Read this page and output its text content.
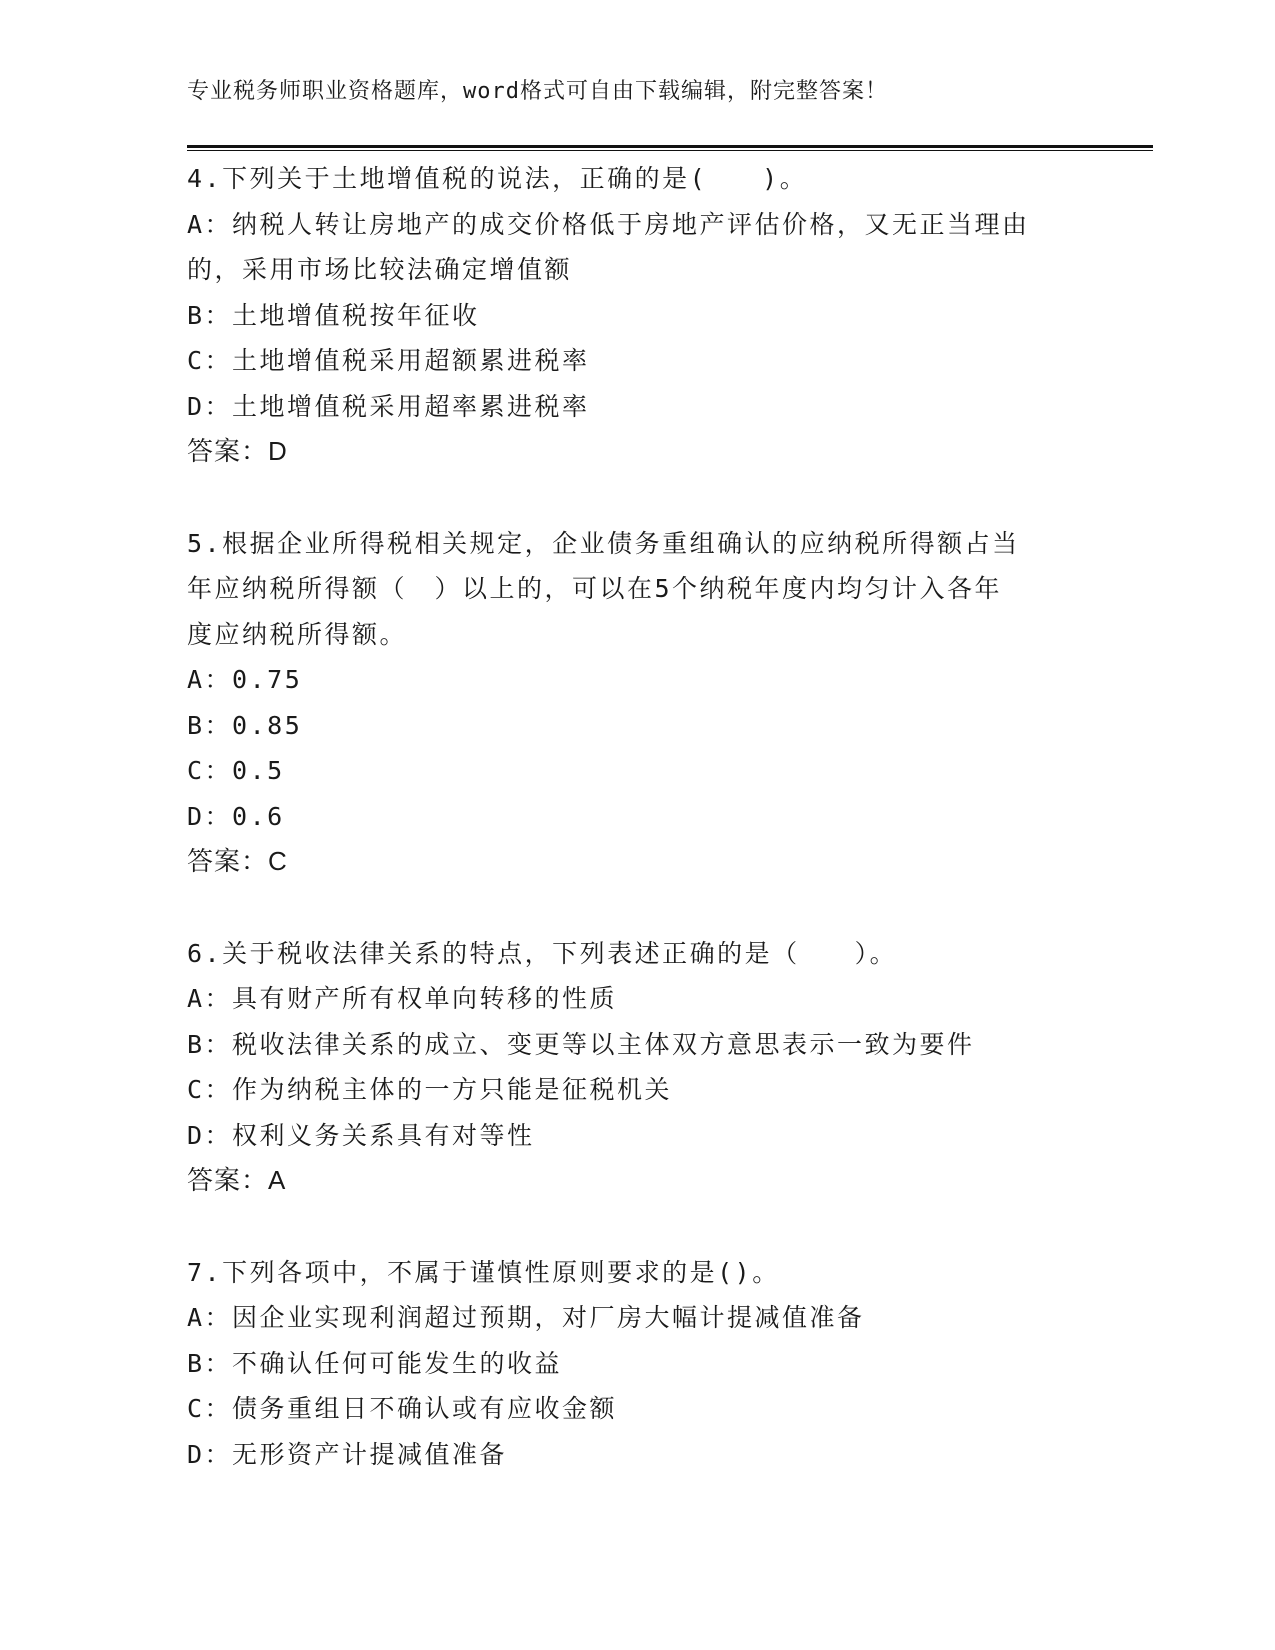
专业税务师职业资格题库，word格式可自由下载编辑，附完整答案！
4.下列关于土地增值税的说法，正确的是(　　)。
A：纳税人转让房地产的成交价格低于房地产评估价格，又无正当理由
的，采用市场比较法确定增值额
B：土地增值税按年征收
C：土地增值税采用超额累进税率
D：土地增值税采用超率累进税率
答案：D
5.根据企业所得税相关规定，企业债务重组确认的应纳税所得额占当
年应纳税所得额（　）以上的，可以在5个纳税年度内均匀计入各年
度应纳税所得额。
A：0.75
B：0.85
C：0.5
D：0.6
答案：C
6.关于税收法律关系的特点，下列表述正确的是（　　）。
A：具有财产所有权单向转移的性质
B：税收法律关系的成立、变更等以主体双方意思表示一致为要件
C：作为纳税主体的一方只能是征税机关
D：权利义务关系具有对等性
答案：A
7.下列各项中，不属于谨慎性原则要求的是()。
A：因企业实现利润超过预期，对厂房大幅计提减值准备
B：不确认任何可能发生的收益
C：债务重组日不确认或有应收金额
D：无形资产计提减值准备
